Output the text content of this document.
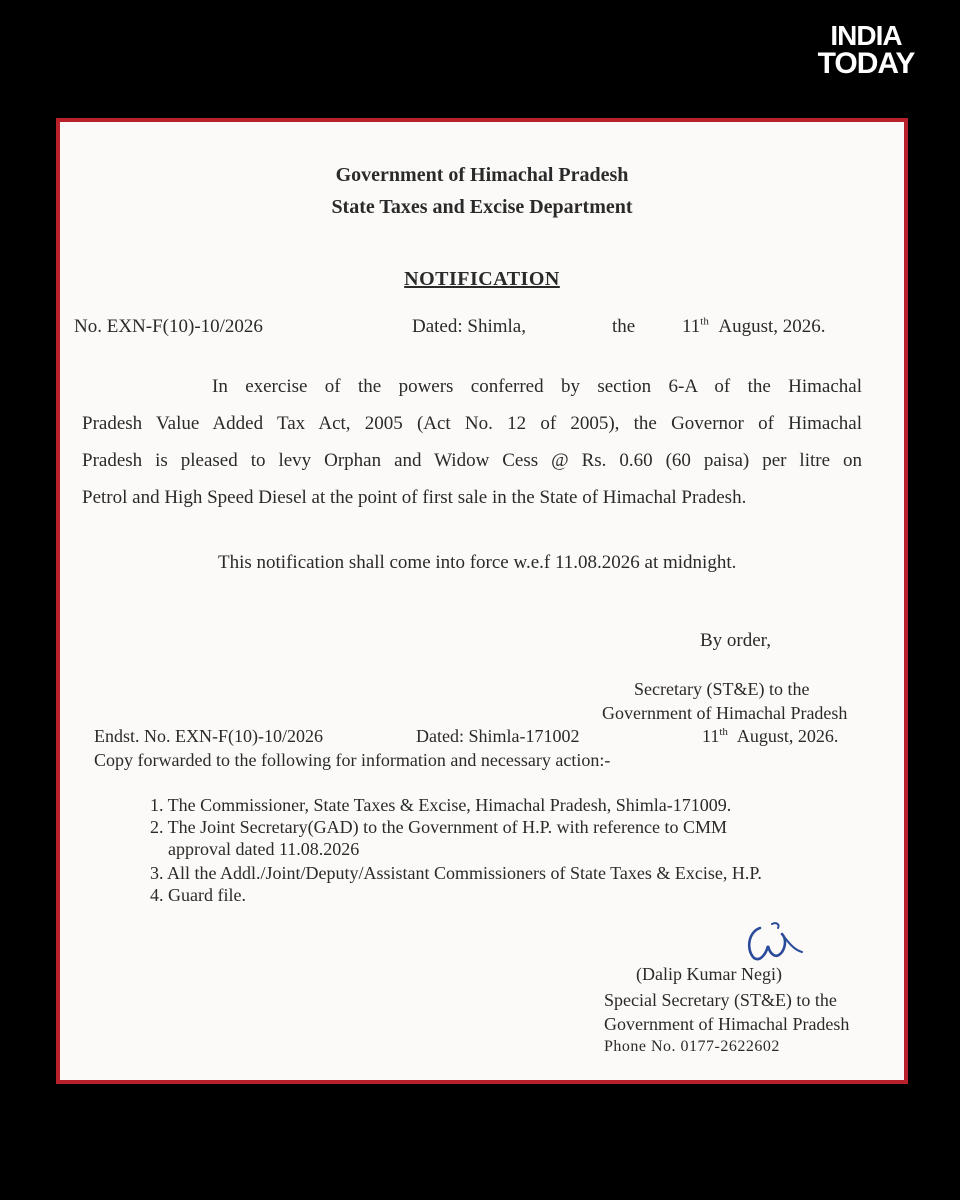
INDIA
TODAY
Government of Himachal Pradesh
State Taxes and Excise Department
NOTIFICATION
No. EXN-F(10)-10/2026	Dated: Shimla,	the 11th August, 2026.
In exercise of the powers conferred by section 6-A of the Himachal
Pradesh Value Added Tax Act, 2005 (Act No. 12 of 2005), the Governor of Himachal
Pradesh is pleased to levy Orphan and Widow Cess @ Rs. 0.60 (60 paisa) per litre on
Petrol and High Speed Diesel at the point of first sale in the State of Himachal Pradesh.
This notification shall come into force w.e.f 11.08.2026 at midnight.
By order,
Secretary (ST&E) to the
Government of Himachal Pradesh
Endst. No. EXN-F(10)-10/2026	Dated: Shimla-171002	11th August, 2026.
Copy forwarded to the following for information and necessary action:-
1. The Commissioner, State Taxes & Excise, Himachal Pradesh, Shimla-171009.
2. The Joint Secretary(GAD) to the Government of H.P. with reference to CMM
approval dated 11.08.2026
3. All the Addl./Joint/Deputy/Assistant Commissioners of State Taxes & Excise, H.P.
4. Guard file.
(Dalip Kumar Negi)
Special Secretary (ST&E) to the
Government of Himachal Pradesh
Phone No. 0177-2622602
